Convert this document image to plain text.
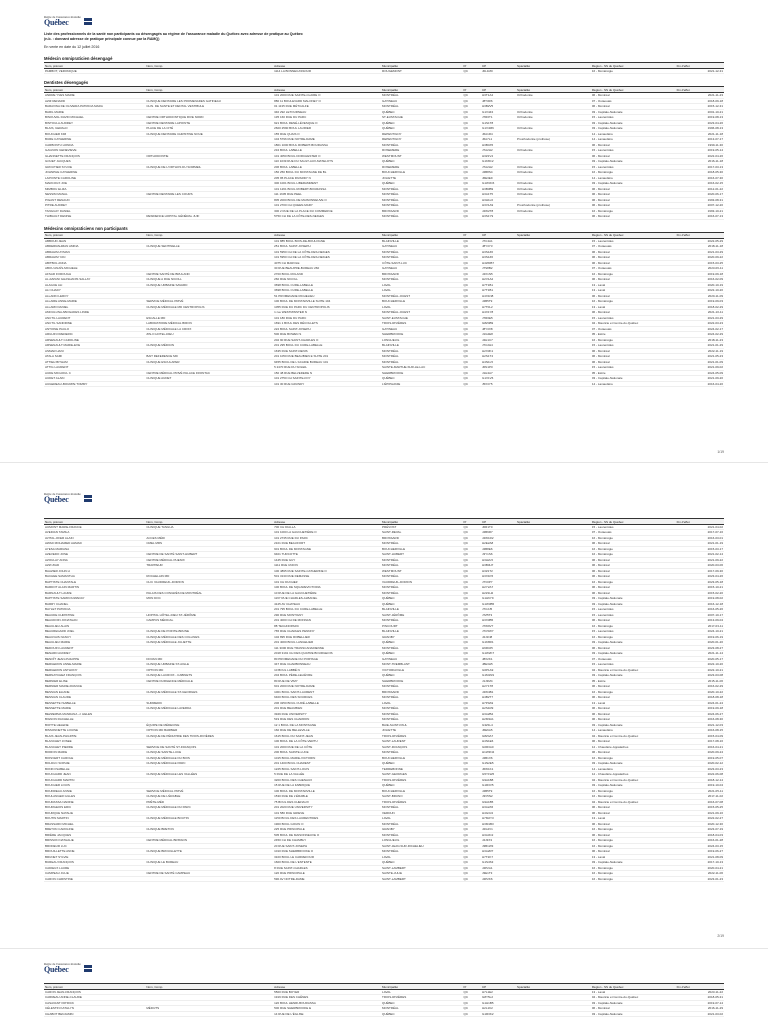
Régie de l'assurance maladie
Québec
Liste des professionnels de la santé non participants ou désengagés au régime de l'assurance maladie du Québec avec adresse de pratique au Québec
(n.b. : donnant adresse de pratique principale connue par la RAMQ)
En vente en date du 12 juillet 2016
Médecin omnipraticien désengagé
Nom, prénom	Nom, Comp.	Adresse	Municipalité	Pr	CP	Spécialité	Région - SS du Québec	Fin d'effet
PAMBOT, VERONIQUE		1114 LA BONNECASSOUR	ROUGEMONT	QC	J0L1M0		16 - Montérégie	2021-12-31
Dentistes désengagés
Nom, prénom	Nom, Comp.	Adresse	Municipalité	Pr	CP	Spécialité	Région - SS du Québec	Fin d'effet
ANDRE YVES MARIE		101 2000 RUE SAINTE-CLAIRE O	MONTRÉAL	QC	H3T1A4	Orthodontie	06 - Montréal	2021-11-23
AZIZ RENARD	CLINIQUE DENTAIRE LES PROMENADES GATINEAU	880 11 BOULEVARD MALONEY O	GATINEAU	QC	J8T3R6		07 - Outaouais	2018-09-18
BARAVINA DE OLIVEIRA PATRICIA MARA	CLIN. DE SANTE ET DENTAL VESTIBULE	01 1135 RUE MÉTCALFE	MONTRÉAL	QC	H3B2V5		06 - Montréal	2015-12-31
BARIL MARIE		340 292 LETOURNEAU	QUÉBEC	QC	G1V4Z4	Orthodontie	03 - Capitale-Nationale	2001-10-21
BINOUVAL DAVID MICHAEL	CENTRE ORTHODONTIQUE RIVE NORD	135 160 RUE DU PARC	ST-EUSTACHE	QC	J7R0T1	Orthodontie	15 - Laurentides	2019-08-13
BINTOULA AUDREY	CENTRE DENTAIRE LAPOINTE	921 BOUL RENÉ-LÉVESQUE O	QUÉBEC	QC	G1S1T8		03 - Capitale-Nationale	2023-04-26
BLAIS, GERALD	PLACE DE LA CITÉ	2600 2590 BOUL LAURIER	QUÉBEC	QC	G1V4M6	Orthodontie	03 - Capitale-Nationale	1996-08-13
BOUCHER KIM	CLINIQUE DENTAIRE CHRISTINE NOUE	155 RUE QUAIS O	REPENTIGNY	QC	J6A1R4		14 - Lanaudière	2021-11-18
BURE CATHERINE		104 5796 RUE NOTRE-DAME	REPENTIGNY	QC	J6A7L1	Prosthodontie (prothèse)	14 - Lanaudière	2013-07-17
CARBONTU HONDA		1801 1000 BOUL ROBERT-BOURASSA	MONTRÉAL	QC	H3B4X5		06 - Montréal	1999-11-30
GAGNON GENEVIEVE		234 BOUL LABELLE	ROSEMERE	QC	J7A2H2	Orthodontie	15 - Laurentides	2019-05-14
GHANNETTE FRANÇOIS	ORTHODONTIE	101 4050 BOUL DORCHESTER O	WESTMOUNT	QC	H3Z1V4		06 - Montréal	2022-04-26
GOUET JACQUES		110 1039 RUE DU SAULT-AUX-MATELOTS	QUÉBEC	QC	G1K8C2		03 - Capitale-Nationale	2016-11-18
GROUTIER SYLVIE	CLINIQUE DE L'ORTHOS DU SOMMEIL	206 BOUL LABELLE	ROSEMERE	QC	J7A2H2	Orthodontie	15 - Laurentides	2017-03-13
JOHNPHE CATHERINE		150 250 BOUL DU MONTAGNE DE BL	BOUCHERVILLE	QC	J4B8S4	Orthodontie	16 - Montérégie	2018-05-30
LAPOINTE CAROLINE		205 95 PLACE RIVARDY N	JOLIETTE	QC	J6E3E9		14 - Lanaudière	2016-07-30
MARCOUX JOE		300 1001 BOUL LIBERAMMENT	QUÉBEC	QC	G1W3C6	Orthodontie	03 - Capitale-Nationale	2016-02-15
MIMBOU ELIZA		101 1261 BOUL ROBERT-BOURASSA	MONTRÉAL	QC	H3B3B9	Orthodontie	06 - Montréal	2012-01-22
NESSIM MANAL	CENTRE DENTAIRE LES COURS	111 1605 RUE PEEL	MONTRÉAL	QC	H3A1T5	Orthodontie	06 - Montréal	2020-06-17
PIGANT RENAUD		805 2000 BOUL DE MAISONNEUVE O	MONTRÉAL	QC	H3H1L6		06 - Montréal	1993-08-31
PITRE AUDREY		101 2700 CH QUEEN-MARY	MONTRÉAL	QC	H3V1A9	Prosthodontie (prothèse)	06 - Montréal	2007-12-20
TANGUAY DANIEL		300 2 RUE DE LA PLACE DU COMMERCE	BROSSARD	QC	J4W2T8	Orthodontie	16 - Montérégie	1993-10-21
THIBAULT DENISE	RESIDENCE HOPITAL GÉNÉRAL JUIF	5750 CH DE LA CÔTE-DES-NEIGES	MONTRÉAL	QC	H3S1Y9		06 - Montréal	2016-07-13
Médecins omnipraticiens non participants
Nom, prénom	Nom, Comp.	Adresse	Municipalité	Pr	CP	Spécialité	Région - SS du Québec	Fin d'effet
ABBOUD JEAN		101 885 BOUL BOIS-DE-BOULOGNE	BLAINVILLE	QC	J7C4A1		15 - Laurentides	2022-05-29
ABDERRAHMAN AMINA	CLINIQUE SENTINELLE	251 BOUL SAINT-JOSEPH	GATINEAU	QC	J8Y3Y3		07 - Outaouais	2018-11-18
ABRAHIM AYMAN		101 5950 CH DE LA CÔTE-DES-NEIGES	MONTRÉAL	QC	H3S1Z6		06 - Montréal	2021-03-29
ABRAHIM YAN		101 5950 CH DE LA CÔTE-DES-NEIGES	MONTRÉAL	QC	H3S1Z6		06 - Montréal	2020-09-22
ABITBOL ANNA		4075 CH MAROLE	CÔTE-SAINT-LUC	QC	H4W0B7		06 - Montréal	2015-03-25
ABOU ANAÏS-MICHELE		30 RUE BEAUPRE-BUREAU 260	GATINEAU	QC	J7S8B2		07 - Outaouais	2023-06-11
AFSAR FOROUGH	CENTRE SANTÉ DE BRULAND	2700 BOUL ROLAND	BROSSARD	QC	J4X1N5		16 - Montérégie	2019-09-18
AL AZZANI GHASHANIS SALLAY	CLINIQUE A RUE NICOLL	260 RUE NICOLL	MONTRÉAL	QC	H2V1A2		06 - Montréal	2016-02-09
ALAGUE ALI	CLINIQUE URBAINE SAVARD	3698 BOUL CURE-LABELLE	LAVAL	QC	H7T1B1		13 - Laval	2020-10-19
ALI CHADY		3698 BOUL CURE-LABELLE	LAVAL	QC	H7T1B1		13 - Laval	2022-10-20
ALLADIN LEROY		51 PROMENADE RICHELIEU	MONTRÉAL-OUEST	QC	H4X1N8		06 - Montréal	2020-11-09
ALLAIRE ANNE-MARIE	SERVICE MÉDICAL PRIVÉ	100 BOUL DE MONTARVILLE SUITE 104	BOUCHERVILLE	QC	J4B5T9		16 - Montérégie	2019-09-03
ALLARD DANIEL	CLINIQUE MÉDICALE MD CENTROPOLIS	1055 RUE DU PARC DU CENTROPOLIS	LAVAL	QC	H7T0L2		13 - Laval	2018-02-29
AMOULUNA ABOGADES LINDE		1 rue WESTMINSTER N	MONTRÉAL-OUEST	QC	H4X1Y8		06 - Montréal	2021-10-11
ANCTIL LAURENT	ESCALLE MD	101 180 RUE DU PARC	SAINT-EUSTACHE	QC	J7R0E5		15 - Laurentides	2021-03-29
ANCTIL SANDRINE	LABORATOIRE MÉDICAL BIRON	1691 1 BOUL DES RÉCOLLETS	TROIS-RIVIÈRES	QC	G8Z4B9		04 - Mauricie et Centre-du-Québec	2022-03-23
ANTOINE PAULO	CLINIQUE MÉDICALE LA CROIX	222 BOUL SAINT-JOSEPH	GATINEAU	QC	J8Y3X8		07 - Outaouais	2024-02-17
ARGUIN FREDERIC	ZIN-O HOTEL-DIEU	500 RUE BOWEN S	SHERBROOKE	QC	J1G2E8		05 - Estrie	2024-02-29
ARSENAULT CAROLINE		202 90 RUE SAINT-CHARLES O	LONGUEUIL	QC	J4H1C7		16 - Montérégie	2018-11-23
ARSENAULT MARIE-EVE	CLINIQUE MÉDICIN	201 295 BOUL DU CURE-LABELLE	BLAINVILLE	QC	J7C2H4		15 - Laurentides	2021-01-29
ASMAR HANI		1635 RUE SAINT-DENIS	MONTRÉAL	QC	H2X3K1		06 - Montréal	2022-11-19
ATALA SAMI	BAIT REFERENCE MD	201 1050 RUE BEAUBIEN E SUITE 201	MONTRÉAL	QC	H2S1T4		06 - Montréal	2021-05-23
ATTIEH BITHAM	CLINIQUE ESCULAPER	9455 BOUL DE L'ACADIE BUREAU 101	MONTRÉAL	QC	H4N1L5		06 - Montréal	2021-01-09
ATTIG LAURENT		5 2470 RUE DU SOLEIL	SAINTE-MARTHE-SUR-LE-LAC	QC	J0N1P0		15 - Laurentides	2021-09-02
AUDE MICHOUL C	CENTRE MÉDICAL PRIVÉ PALACE FRONTAC	150 48 RUE BELVEDERE N	SHERBROOKE	QC	J1H4A7		05 - Estrie	2024-05-09
AUDET ALAIN	CLINIQUE AUDET	101 2750 CH SAINTE-FOY	QUÉBEC	QC	G1V1V6		03 - Capitale-Nationale	2021-09-20
AUGEREAU-BOURPE TOMMY		101 30 RUE GRUNDY	L'ÉPIPHANIE	QC	J5X3Y5		14 - Lanaudière	2016-04-20
1/19
Régie de l'assurance maladie
Québec
Nom, prénom	Nom, Comp.	Adresse	Municipalité	Pr	CP	Spécialité	Région - SS du Québec	Fin d'effet
AUMONT MARIE-FRANCE	CLINIQUE TANGUA	700 CH DIALLA	PRÉVOST	QC	J0R1T0		15 - Laurentides	2021-04-02
AVEDIAN TAMILA		101 1000 LA GAUCHETIÈRE O	SAINT-REVAL	QC	J4B9R7		07 - Outaouais	2017-07-16
AVITAL-OFER ALAIN	ACCES MÉDI	101 2735 RUE DU PARC	BROSSARD	QC	J4W1R2		16 - Montérégie	2016-03-01
AWAD MOHAMED AHMAD	CMEL MRS	2101 RUE BEAUFORT	MONTRÉAL	QC	H2E2A8		06 - Montréal	2021-01-19
AYESA MARIANA		901 BOUL DE MONTAGNE	BOUCHERVILLE	QC	J4B8E6		16 - Montérégie	2015-03-17
AZEVEDO JOSE	CENTRE DE SANTÉ SAINT-HUBERT	9401 TURCOTTE	SAINT-HUBERT	QC	J3Y1S6		16 - Montérégie	2021-02-14
AZOULAY ANNA	CENTRE MÉDICAL PHENIX	1445 RUE GUY	MONTRÉAL	QC	H3H2L5		06 - Montréal	2021-09-22
AZZI ZIAD	TRAPPEUR	1111 RUE UNION	MONTRÉAL	QC	H3B3H7		06 - Montréal	2020-03-06
BAAZIER JOHN H		100 4895 RUE SAINTE-CATHERINE O	WESTMOUNT	QC	H3Z1T2		06 - Montréal	2017-09-30
BACHEE SAMANTHA	ROCHELAIN MD	501 3130 RUE DEMASSE	MONTRÉAL	QC	H3X1K5		06 - Montréal	2023-04-26
BAPTISTE CHANTALE	CLIC VAUDREUIL-DORION	101 CH DUCHEZ	VAUDREUIL-DORION	QC	J7V0P7		16 - Montérégie	2023-05-18
BARDOT ALAIN MARTIN		100 BOUL DE SQUAREVICTORIA	MONTRÉAL	QC	H2Y2A7		06 - Montréal	2015-10-21
BARNAULT LAURE	PALAIS DES CONGRÈS DE MONTRÉAL	10 RUE DE LA GAUCHETIÈRE	MONTRÉAL	QC	H2Z1H2		06 - Montréal	2015-02-20
BAPTISTE SARIKOUWADAY	MON DOC	1167 RUE CHARLES-ALBANEL	QUÉBEC	QC	G1H6Y9		03 - Capitale-Nationale	2019-08-02
BARRY CHANEL		4125 AV CHATEAU	QUÉBEC	QC	G1W3B5		03 - Capitale-Nationale	2016-12-18
BAYLET PATRICIA		201 795 BOUL DU CURE-LABELLE	BLAINVILLE	QC	J7C2J5		15 - Laurentides	2016-05-26
BEAUDE CHRISTINE	HOPITAL HÔTEL-DIEU ST-JÉRÔME	290 RUE MONTIGNY	SAINT-JÉRÔME	QC	J7Z5T3		15 - Laurentides	2007-10-17
BEAUDOIN JONATHAN	CAMPUS MÉDICAL	201 4000 CH DE MONNAN	MONTRÉAL	QC	H3X3B5		06 - Montréal	2013-09-04
BEAULIEU ALAIN		88 TECHNOPARC	PINCOURT	QC	J7W9V7		16 - Montérégie	2017-03-11
BEAUREGARD JOEL	CLINIQUE DE POINTE-BRUNE	765 RUE CHARLES PENNNY	BLAINVILLE	QC	J7C5W7		15 - Laurentides	2024-10-21
BEAUVAIS NANCY	CLINIQUE MÉDICALE DES COLLINES	102 895 RUE ROBELLIER	GRANBY	QC	J2J1N8		16 - Montérégie	2019-06-19
BEAULIEU MARIE	CLINIQUE MÉDICALE JULIETTE	201 4000 BOUL LANGELIER	QUÉBEC	QC	G1K8R1		03 - Capitale-Nationale	2020-01-20
BEDOUIN LAURENT		111 3000 RUE TRANSCANADIENNE	MONTRÉAL	QC	H9R3J5		06 - Montréal	2023-08-27
BENARD AUDREY		2018 3191 CH DES QUATRE BOURGEOIS	QUÉBEC	QC	G1W2K7		03 - Capitale-Nationale	2021-11-14
BENOÎT JEAN-PHILIPPE	DOVAN MD	80 PROMENADE DU PORTAGE	GATINEAU	QC	J8X2K1		07 - Outaouais	2020-05-17
BERGERON ANNE-MARIE	CLINIQUE URBAINE ST-AIGLE	347 RUE CHARBONNEAU	MONT-TREMBLANT	QC	J8E3H5		15 - Laurentides	2022-10-20
BERGERON ANTHONY	OPTION MD	10 BOUL LABBÉ N	VICTORIAVILLE	QC	G6P1A9		04 - Mauricie et Centre-du-Québec	2022-10-21
BERNATCHEZ FRANÇOIS	CLINIQUE LACROIX - CABINETS	204 BOUL PÈRE-LELIÈVRE	QUÉBEC	QC	G1M1N9		03 - Capitale-Nationale	2023-03-08
BERNIER ELISE	CENTRE DURGENCE MÉDICALE	80 RUE DE VIMY	SHERBROOKE	QC	J1J3M4		05 - Estrie	2015-11-06
BERNIER MARIE-FRANCE		601 2000 RUE NOTRE-DAME	MONTRÉAL	QC	H2Y1T8		06 - Montréal	2016-02-29
BESSIAN ELIANE	CLINIQUE MÉDICALE ST-GEORGES	1001 BOUL SAINT-LAURENT	BROSSARD	QC	J4W4B1		16 - Montérégie	2020-10-22
BESSIAN CLAUDE		6400 BOUL DES SOURCES	MONTRÉAL	QC	H4B2T7		06 - Montréal	2018-08-18
BESSETTE ISABELLE	SURMEDIK	206 3250 BOUL CURÉ-LABELLE	LAVAL	QC	H7P0A9		13 - Laval	2024-01-24
BESSETTE MARIE	CLINIQUE MÉDICALE LAVERDA	201 RUE BEAUBIEN	MONTRÉAL	QC	H2S1R9		06 - Montréal	2019-09-18
BEZZEMMA MANDANA -J. HELEN		3949 RUE UNIVERSITY	MONTRÉAL	QC	H3A2B4		06 - Montréal	2024-06-27
BIGNON RACHELLE		519 RUE DES CHARRON	MONTRÉAL	QC	H2M3A1		06 - Montréal	2016-08-30
BIOTTE HELENE	ÉQUIPE DE MÉDECINE	12 1 BOUL DE LA MONTAGNE	BAIE-SAINT-PAUL	QC	G3Z1L4		03 - Capitale-Nationale	2021-12-03
BISSONNETTE LOUISE	OPTION MD BARBIER	160 RUE DE BELLEVILLE	JOLIETTE	QC	J6E6A5		14 - Lanaudière	2016-08-15
BLAIS JEAN-PHILIPPE	CLINIQUE DE PÉDIATRIE DES TROIS-RIVIÈRES	1615 BOUL DU SAINT-JEAN	TROIS-RIVIÈRES	QC	G8Z4A7		04 - Mauricie et Centre-du-Québec	2015-04-09
BLANCHET JOSEE		100 BOUL DE LA CÔTE-VERTU	SAINT-LAURENT	QC	H4N1E6		06 - Montréal	2017-08-16
BLANCHET PIERRE	SERVICE DE SANTÉ ST-FRANÇOIS	101 2000 RUE DE LA CÔTE	SAINT-FRANÇOIS	QC	G0R3A0		12 - Chaudière-Appalaches	2016-04-21
BOIRON MARIE	CLINIQUE SAINTE-LUCE	200 BOUL SAINTE-LUCE	MONTRÉAL	QC	H1W3N4		06 - Montréal	2020-09-24
BOISVERT CAROLE	CLINIQUE MÉDICALE DU BOIS	1015 BOUL MARIE-VICTORIN	BOUCHERVILLE	QC	J4B1X6		16 - Montérégie	2019-05-07
BOLDUC SOPHIE	CLINIQUE MÉDICALE PARC	201 1400 BOUL CHAREST	QUÉBEC	QC	G1N2E5		03 - Capitale-Nationale	2020-02-12
BONIN ISABELLE		1225 BOUL SAINT-LOUIS	TERREBONNE	QC	J6W1K1		14 - Lanaudière	2023-03-23
BOUCHARD JEAN	CLINIQUE MÉDICALE LES VALLÉES	5 RUE DE LA VALLÉE	SAINT-GEORGES	QC	G5Y1W6		12 - Chaudière-Appalaches	2022-06-08
BOUCHARD MARTIN		3200 BOUL DES CHENAUX	TROIS-RIVIÈRES	QC	G9A1B8		04 - Mauricie et Centre-du-Québec	2018-12-14
BOUCHER LOUIS		15 RUE DE LA FABRIQUE	QUÉBEC	QC	G1R3V5		03 - Capitale-Nationale	2019-10-04
BOUDREAU ANNIE	SERVICE MÉDICAL PRIVÉ	100 BOUL DE MONTARVILLE	BOUCHERVILLE	QC	J4B5T9		16 - Montérégie	2021-05-11
BOULANGER GILLES	CLINIQUE DE L'ÉRABLE	1530 RUE DE L'ÉRABLE	SAINT-BRUNO	QC	J3V5N2		16 - Montérégie	2017-11-02
BOURASSA NADINE	PRÊTE-MÉD	75 BOUL DES CHENAUX	TROIS-RIVIÈRES	QC	G9A1B5		04 - Mauricie et Centre-du-Québec	2016-07-08
BOURGEOIS ERIC	CLINIQUE MÉDICALE DU PARC	201 2020 RUE UNIVERSITY	MONTRÉAL	QC	H3A2A5		06 - Montréal	2015-05-25
BOURQUE NATALIE		101 580 RUE GRIEVE	VERDUN	QC	H4G3J4		06 - Montréal	2021-09-16
BOUTIN MARTIN	CLINIQUE MÉDICALE BOUTIN	1150 BOUL DES LAURENTIDES	LAVAL	QC	H7M2Y3		13 - Laval	2022-02-27
BRASSARD MICHEL		1900 BOUL GOUIN O	MONTRÉAL	QC	H3M1B3		06 - Montréal	2020-12-30
BRETON CAROLINE	CLINIQUE BRETON	225 RUE PRINCIPALE	GRANBY	QC	J2G2V1		16 - Montérégie	2023-07-19
BRIÈRE JACQUES		505 BOUL DE MAISONNEUVE O	MONTRÉAL	QC	H3A3C2		06 - Montréal	2018-04-03
BRISSON NATHALIE	CENTRE MÉDICAL BRISSON	2450 CH DE CHAMBLY	LONGUEUIL	QC	J4J3X3		16 - Montérégie	2016-01-28
BRODEUR LUC		20 RUE SAINT-JOSEPH	SAINT-JEAN-SUR-RICHELIEU	QC	J3B1W3		16 - Montérégie	2024-03-15
BROUILLETTE ANNE	CLINIQUE BROUILLETTE	1010 RUE SHERBROOKE O	MONTRÉAL	QC	H3A2R7		06 - Montréal	2019-06-27
BRUNET SYLVIE		3100 BOUL LE CARREFOUR	LAVAL	QC	H7T2K7		13 - Laval	2021-08-09
BUREAU FRANÇOIS	CLINIQUE LE BUREAU	1600 BOUL DE L'ENTENTE	QUÉBEC	QC	G1S4S3		03 - Capitale-Nationale	2017-10-13
CADIEUX LAURE		8 RUE SAINT-CHARLES	SAINT-LAMBERT	QC	J4P2A1		16 - Montérégie	2020-04-21
CAMPEAU JULIE	CENTRE DE SANTÉ CAMPEAU	120 RUE PRINCIPALE	SAINTE-JULIE	QC	J3E1T3		16 - Montérégie	2022-11-06
CARON CHRISTINE		590 AV NOTRE-DAME	SAINT-LAMBERT	QC	J4P2K6		16 - Montérégie	2023-01-23
2/19
Régie de l'assurance maladie
Québec
Nom, prénom	Nom, Comp.	Adresse	Municipalité	Pr	CP	Spécialité	Région - SS du Québec	Fin d'effet
CARON JEAN-FRANÇOIS		5500 RUE BOYER	LAVAL	QC	H7L1E2		13 - Laval	2023-11-22
CARREAU ANNE-CLAUDE		1919 RUE DES CHÊNES	TROIS-RIVIÈRES	QC	G8Y5L2		04 - Mauricie et Centre-du-Québec	2018-05-31
CASAVANT PATRICK		120 BOUL HENRI-BOURASSA	QUÉBEC	QC	G1H1B5		03 - Capitale-Nationale	2019-07-14
CÉLESTIN KATHLYN	MÉDIJTS	500 RUE SHERBROOKE E	MONTRÉAL	QC	H2L1K2		06 - Montréal	2016-11-29
CHABOT BENJAMIN		14 RUE DE L'ÉGLISE	QUÉBEC	QC	G1R3K2		03 - Capitale-Nationale	2021-03-02
